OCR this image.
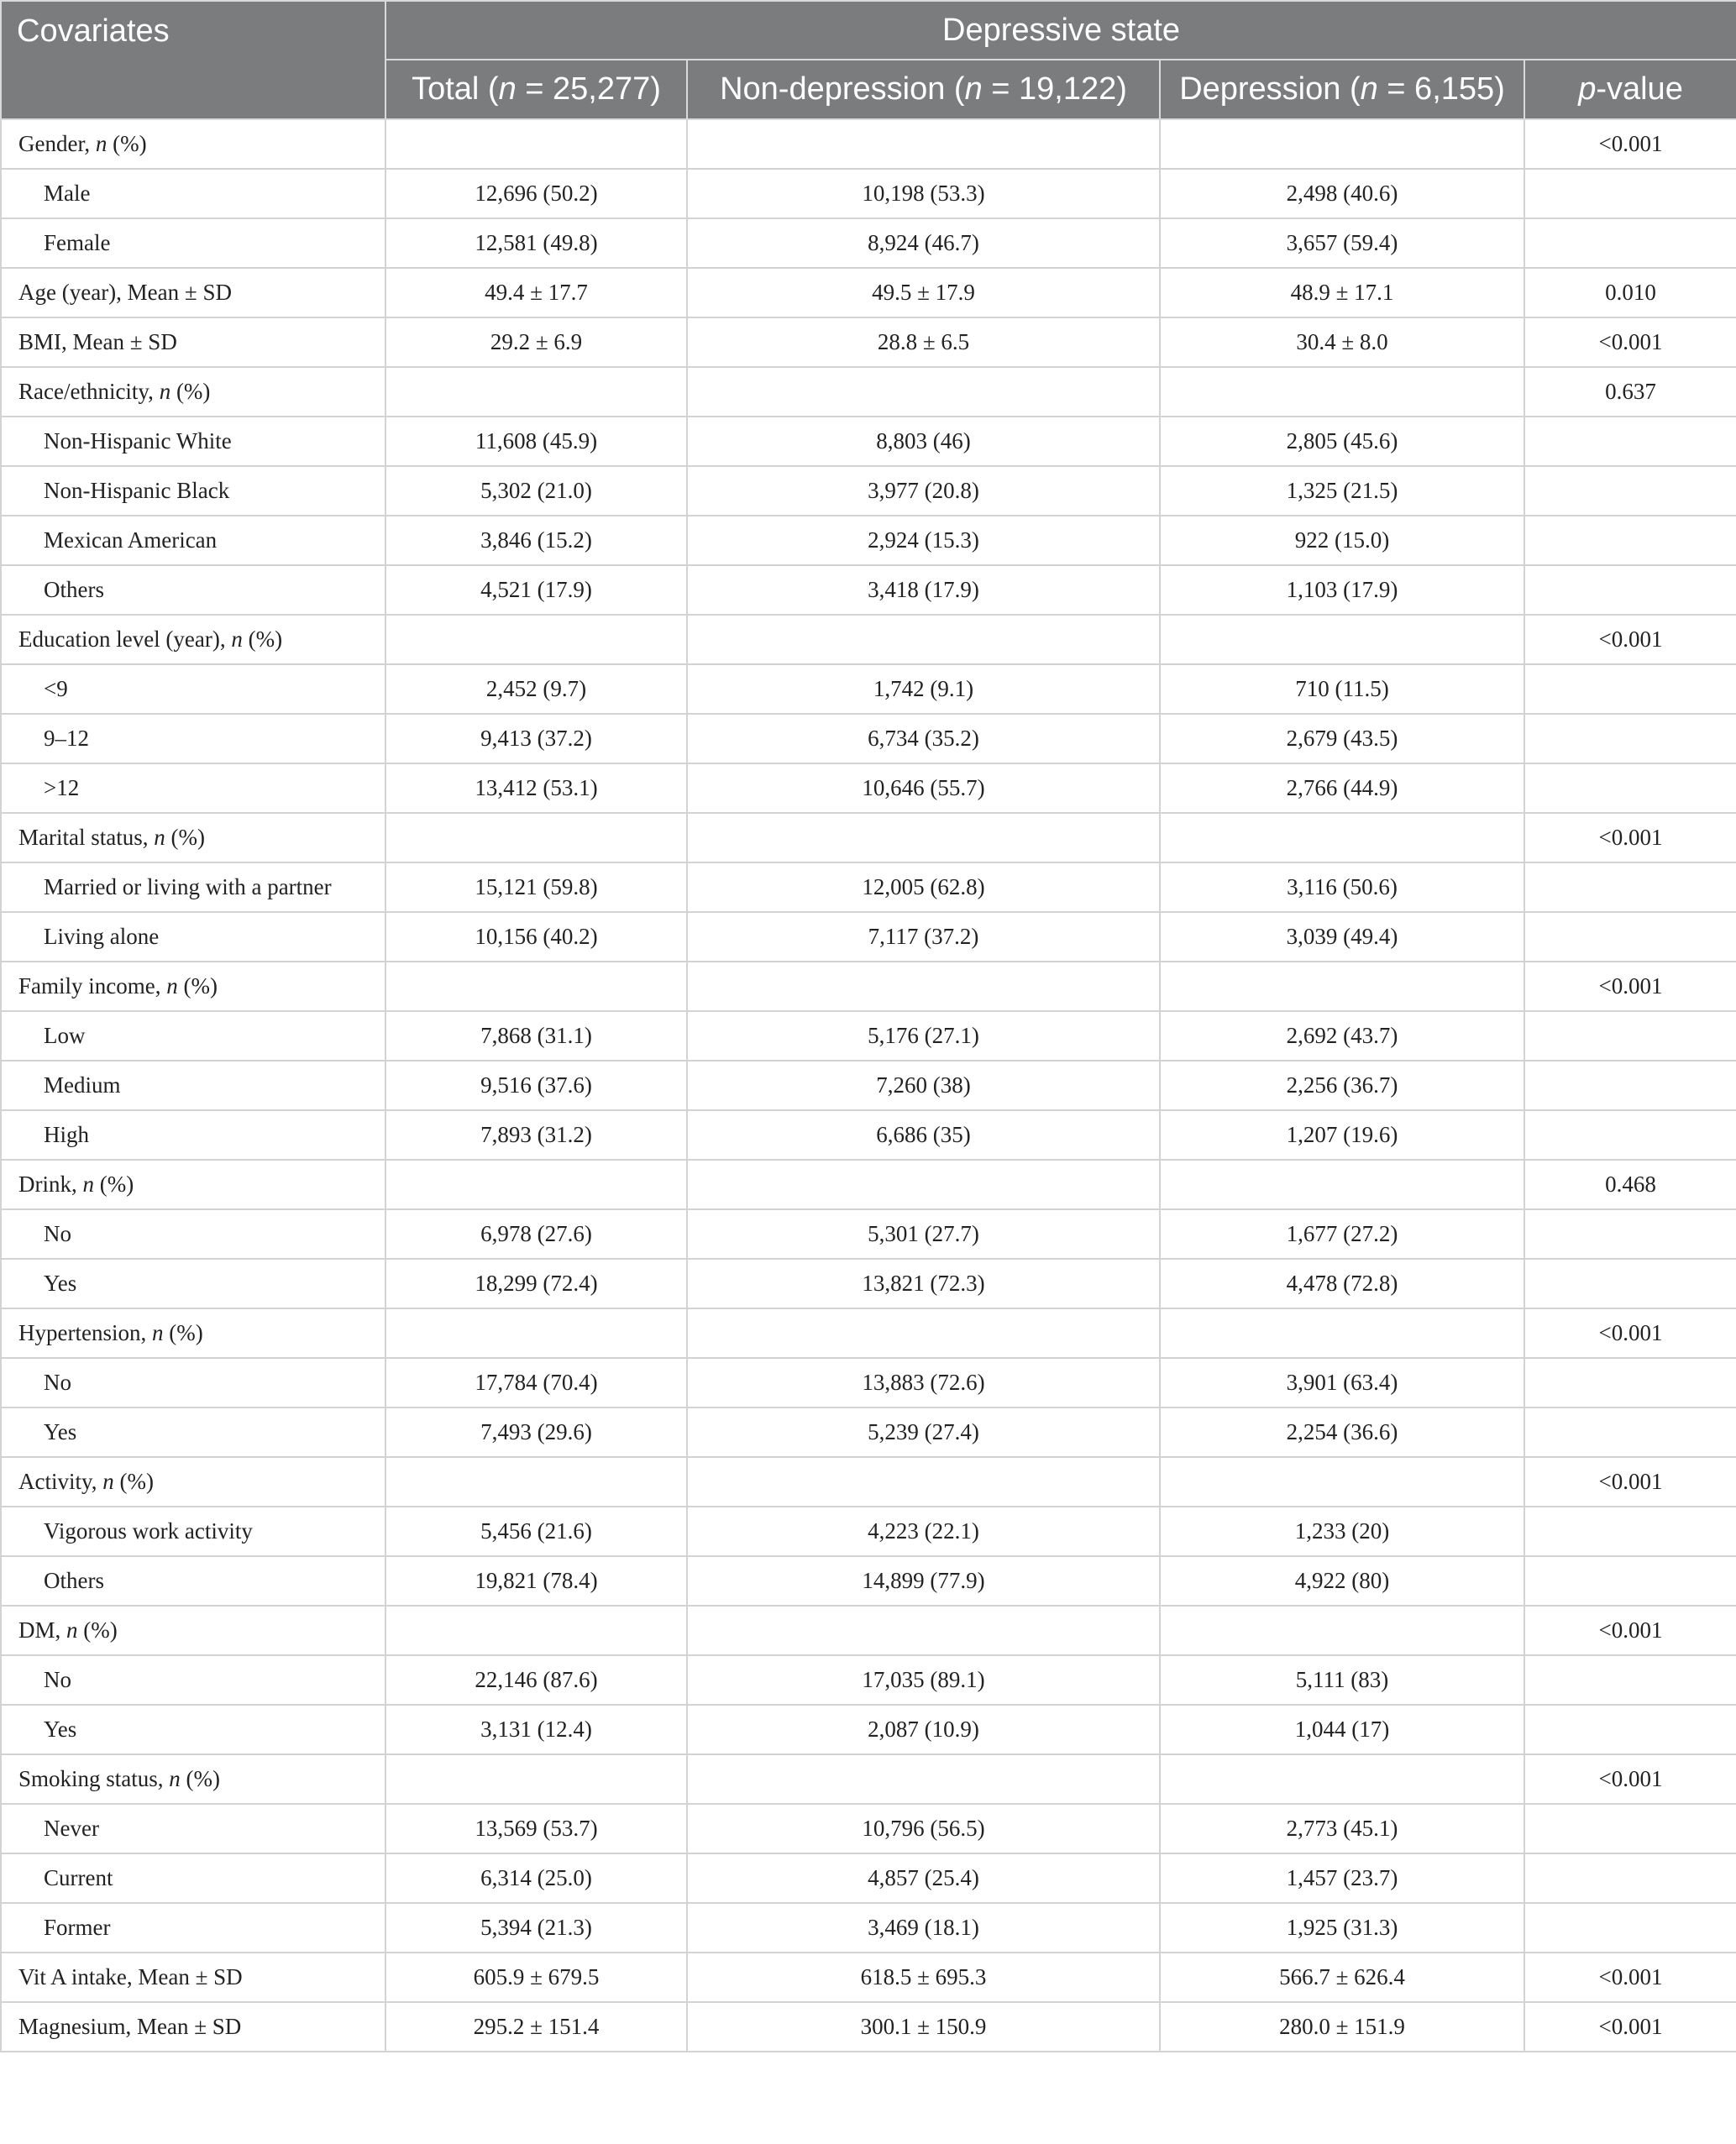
Covariates	Depressive state			
	Total (n = 25,277)	Non-depression (n = 19,122)	Depression (n = 6,155)	p-value
Gender, n (%)				<0.001
Male	12,696 (50.2)	10,198 (53.3)	2,498 (40.6)	
Female	12,581 (49.8)	8,924 (46.7)	3,657 (59.4)	
Age (year), Mean ± SD	49.4 ± 17.7	49.5 ± 17.9	48.9 ± 17.1	0.010
BMI, Mean ± SD	29.2 ± 6.9	28.8 ± 6.5	30.4 ± 8.0	<0.001
Race/ethnicity, n (%)				0.637
Non-Hispanic White	11,608 (45.9)	8,803 (46)	2,805 (45.6)	
Non-Hispanic Black	5,302 (21.0)	3,977 (20.8)	1,325 (21.5)	
Mexican American	3,846 (15.2)	2,924 (15.3)	922 (15.0)	
Others	4,521 (17.9)	3,418 (17.9)	1,103 (17.9)	
Education level (year), n (%)				<0.001
<9	2,452 (9.7)	1,742 (9.1)	710 (11.5)	
9–12	9,413 (37.2)	6,734 (35.2)	2,679 (43.5)	
>12	13,412 (53.1)	10,646 (55.7)	2,766 (44.9)	
Marital status, n (%)				<0.001
Married or living with a partner	15,121 (59.8)	12,005 (62.8)	3,116 (50.6)	
Living alone	10,156 (40.2)	7,117 (37.2)	3,039 (49.4)	
Family income, n (%)				<0.001
Low	7,868 (31.1)	5,176 (27.1)	2,692 (43.7)	
Medium	9,516 (37.6)	7,260 (38)	2,256 (36.7)	
High	7,893 (31.2)	6,686 (35)	1,207 (19.6)	
Drink, n (%)				0.468
No	6,978 (27.6)	5,301 (27.7)	1,677 (27.2)	
Yes	18,299 (72.4)	13,821 (72.3)	4,478 (72.8)	
Hypertension, n (%)				<0.001
No	17,784 (70.4)	13,883 (72.6)	3,901 (63.4)	
Yes	7,493 (29.6)	5,239 (27.4)	2,254 (36.6)	
Activity, n (%)				<0.001
Vigorous work activity	5,456 (21.6)	4,223 (22.1)	1,233 (20)	
Others	19,821 (78.4)	14,899 (77.9)	4,922 (80)	
DM, n (%)				<0.001
No	22,146 (87.6)	17,035 (89.1)	5,111 (83)	
Yes	3,131 (12.4)	2,087 (10.9)	1,044 (17)	
Smoking status, n (%)				<0.001
Never	13,569 (53.7)	10,796 (56.5)	2,773 (45.1)	
Current	6,314 (25.0)	4,857 (25.4)	1,457 (23.7)	
Former	5,394 (21.3)	3,469 (18.1)	1,925 (31.3)	
Vit A intake, Mean ± SD	605.9 ± 679.5	618.5 ± 695.3	566.7 ± 626.4	<0.001
Magnesium, Mean ± SD	295.2 ± 151.4	300.1 ± 150.9	280.0 ± 151.9	<0.001
